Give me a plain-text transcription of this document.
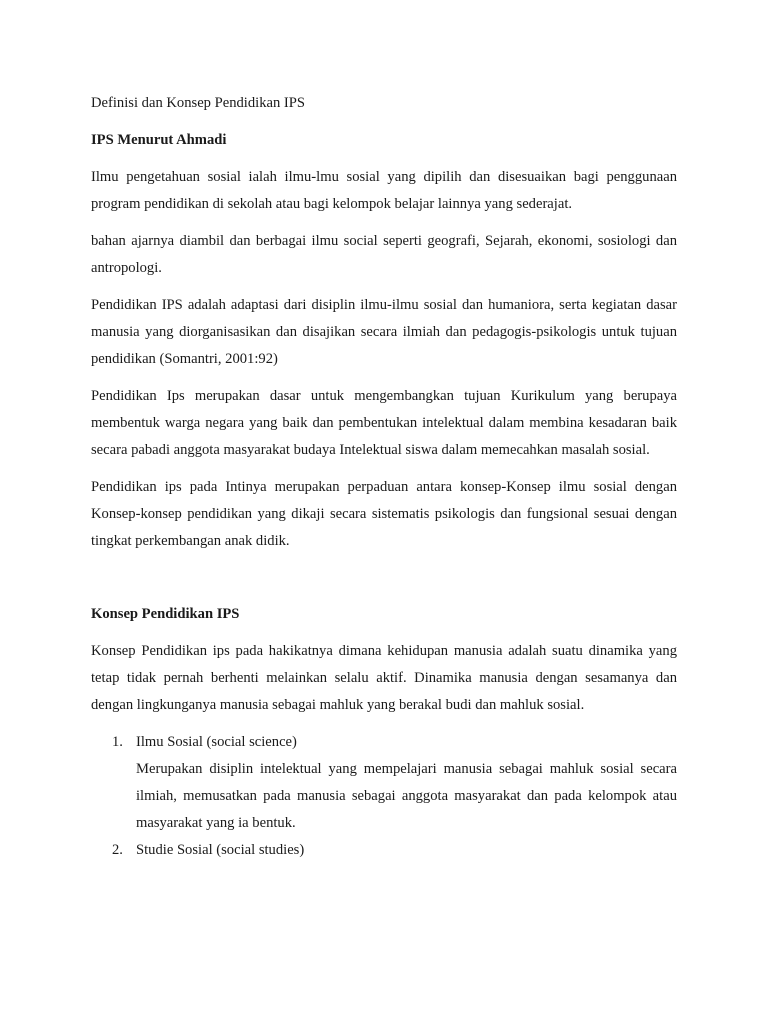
Definisi dan Konsep Pendidikan IPS

IPS Menurut Ahmadi

Ilmu pengetahuan sosial ialah ilmu-lmu sosial yang dipilih dan disesuaikan bagi penggunaan program pendidikan di sekolah atau bagi kelompok belajar lainnya yang sederajat.

bahan ajarnya diambil dan berbagai ilmu social seperti geografi, Sejarah, ekonomi, sosiologi dan antropologi.

Pendidikan IPS adalah adaptasi dari disiplin ilmu-ilmu sosial dan humaniora, serta kegiatan dasar manusia yang diorganisasikan dan disajikan secara ilmiah dan pedagogis-psikologis untuk tujuan pendidikan (Somantri, 2001:92)

Pendidikan Ips merupakan dasar untuk mengembangkan tujuan Kurikulum yang berupaya membentuk warga negara yang baik dan pembentukan intelektual dalam membina kesadaran baik secara pabadi anggota masyarakat budaya Intelektual siswa dalam memecahkan masalah sosial.

Pendidikan ips pada Intinya merupakan perpaduan antara konsep-Konsep ilmu sosial dengan Konsep-konsep pendidikan yang dikaji secara sistematis psikologis dan fungsional sesuai dengan tingkat perkembangan anak didik.

Konsep Pendidikan IPS

Konsep Pendidikan ips pada hakikatnya dimana kehidupan manusia adalah suatu dinamika yang tetap tidak pernah berhenti melainkan selalu aktif. Dinamika manusia dengan sesamanya dan dengan lingkunganya manusia sebagai mahluk yang berakal budi dan mahluk sosial.

1. Ilmu Sosial (social science)
Merupakan disiplin intelektual yang mempelajari manusia sebagai mahluk sosial secara ilmiah, memusatkan pada manusia sebagai anggota masyarakat dan pada kelompok atau masyarakat yang ia bentuk.
2. Studie Sosial (social studies)
